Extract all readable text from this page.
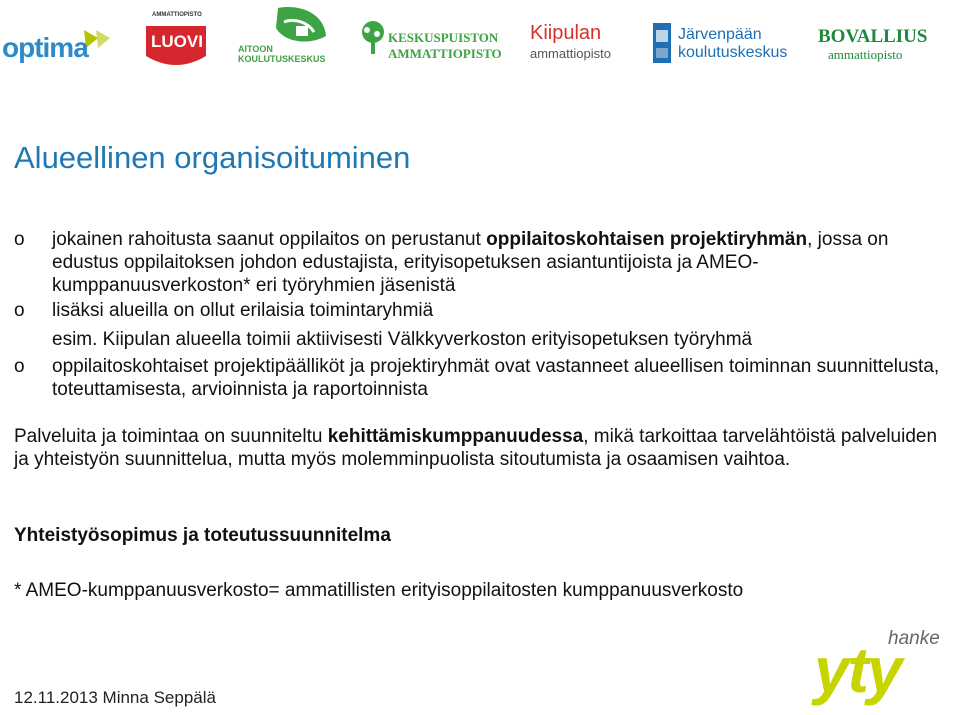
optima
AMMATTIOPISTO
LUOVI	AITOON
KOULUTUSKESKUS
KESKUSPUISTON
AMMATTIOPISTO
Kiipulan
ammattiopisto
Järvenpään
koulutuskeskus
BOVALLIUS
ammattiopisto
Alueellinen organisoituminen
o jokainen rahoitusta saanut oppilaitos on perustanut oppilaitoskohtaisen projektiryhmän, jossa on edustus oppilaitoksen johdon edustajista, erityisopetuksen asiantuntijoista ja AMEO-kumppanuusverkoston* eri työryhmien jäsenistä
o lisäksi alueilla on ollut erilaisia toimintaryhmiä
esim. Kiipulan alueella toimii aktiivisesti Välkkyverkoston erityisopetuksen työryhmä
o oppilaitoskohtaiset projektipäälliköt ja projektiryhmät ovat vastanneet alueellisen toiminnan suunnittelusta, toteuttamisesta, arvioinnista ja raportoinnista
Palveluita ja toimintaa on suunniteltu kehittämiskumppanuudessa, mikä tarkoittaa tarvelähtöistä palveluiden ja yhteistyön suunnittelua, mutta myös molemminpuolista sitoutumista ja osaamisen vaihtoa.
Yhteistyösopimus ja toteutussuunnitelma
* AMEO-kumppanuusverkosto= ammatillisten erityisoppilaitosten kumppanuusverkosto
12.11.2013 Minna Seppälä
hanke
yty
